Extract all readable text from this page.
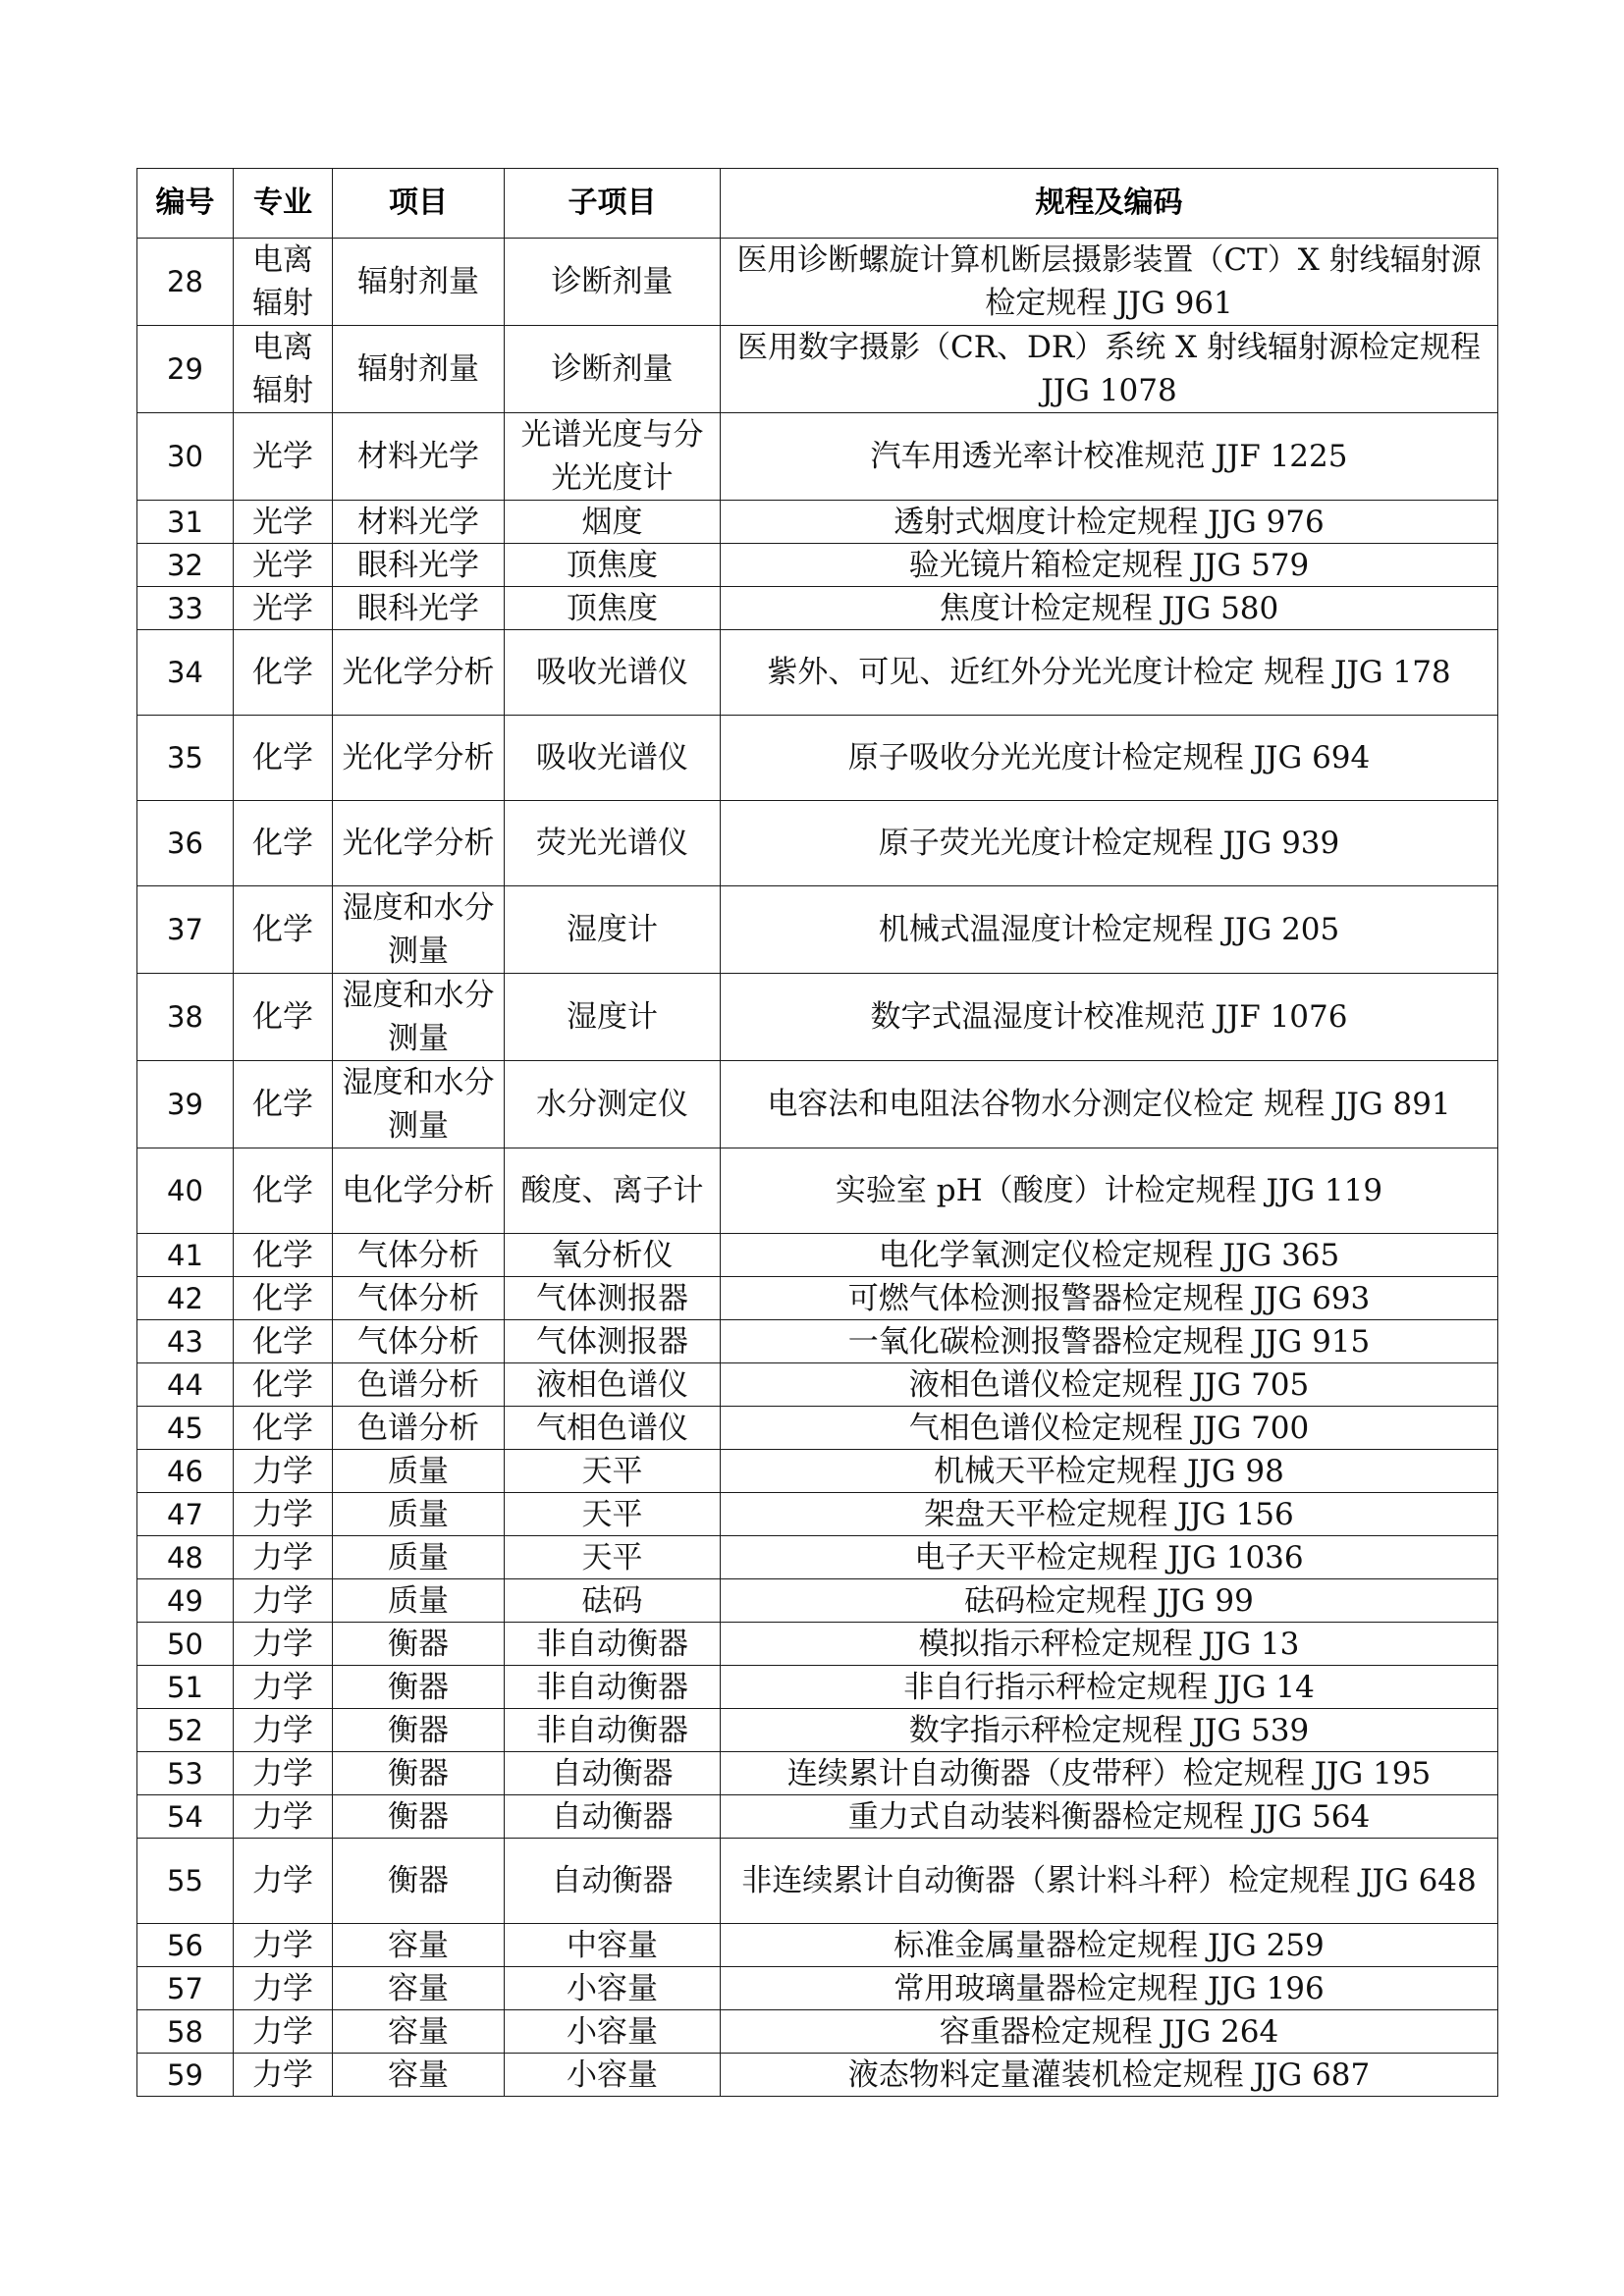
编号	专业	项目	子项目	规程及编码
28	电离辐射	辐射剂量	诊断剂量	医用诊断螺旋计算机断层摄影装置（CT）X 射线辐射源检定规程 JJG 961
29	电离辐射	辐射剂量	诊断剂量	医用数字摄影（CR、DR）系统 X 射线辐射源检定规程 JJG 1078
30	光学	材料光学	光谱光度与分光光度计	汽车用透光率计校准规范 JJF 1225
31	光学	材料光学	烟度	透射式烟度计检定规程 JJG 976
32	光学	眼科光学	顶焦度	验光镜片箱检定规程 JJG 579
33	光学	眼科光学	顶焦度	焦度计检定规程 JJG 580
34	化学	光化学分析	吸收光谱仪	紫外、可见、近红外分光光度计检定 规程 JJG 178
35	化学	光化学分析	吸收光谱仪	原子吸收分光光度计检定规程 JJG 694
36	化学	光化学分析	荧光光谱仪	原子荧光光度计检定规程 JJG 939
37	化学	湿度和水分测量	湿度计	机械式温湿度计检定规程 JJG 205
38	化学	湿度和水分测量	湿度计	数字式温湿度计校准规范 JJF 1076
39	化学	湿度和水分测量	水分测定仪	电容法和电阻法谷物水分测定仪检定 规程 JJG 891
40	化学	电化学分析	酸度、离子计	实验室 pH（酸度）计检定规程 JJG 119
41	化学	气体分析	氧分析仪	电化学氧测定仪检定规程 JJG 365
42	化学	气体分析	气体测报器	可燃气体检测报警器检定规程 JJG 693
43	化学	气体分析	气体测报器	一氧化碳检测报警器检定规程 JJG 915
44	化学	色谱分析	液相色谱仪	液相色谱仪检定规程 JJG 705
45	化学	色谱分析	气相色谱仪	气相色谱仪检定规程 JJG 700
46	力学	质量	天平	机械天平检定规程 JJG 98
47	力学	质量	天平	架盘天平检定规程 JJG 156
48	力学	质量	天平	电子天平检定规程 JJG 1036
49	力学	质量	砝码	砝码检定规程 JJG 99
50	力学	衡器	非自动衡器	模拟指示秤检定规程 JJG 13
51	力学	衡器	非自动衡器	非自行指示秤检定规程 JJG 14
52	力学	衡器	非自动衡器	数字指示秤检定规程 JJG 539
53	力学	衡器	自动衡器	连续累计自动衡器（皮带秤）检定规程 JJG 195
54	力学	衡器	自动衡器	重力式自动装料衡器检定规程 JJG 564
55	力学	衡器	自动衡器	非连续累计自动衡器（累计料斗秤）检定规程 JJG 648
56	力学	容量	中容量	标准金属量器检定规程 JJG 259
57	力学	容量	小容量	常用玻璃量器检定规程 JJG 196
58	力学	容量	小容量	容重器检定规程 JJG 264
59	力学	容量	小容量	液态物料定量灌装机检定规程 JJG 687
